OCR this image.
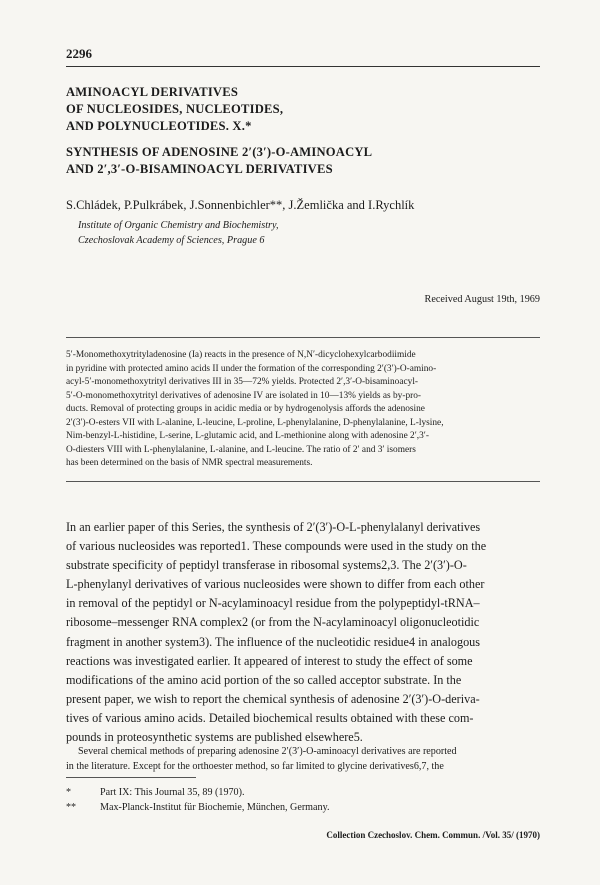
2296
AMINOACYL DERIVATIVES
OF NUCLEOSIDES, NUCLEOTIDES,
AND POLYNUCLEOTIDES. X.*
SYNTHESIS OF ADENOSINE 2′(3′)-O-AMINOACYL
AND 2′,3′-O-BISAMINOACYL DERIVATIVES
S.Chládek, P.Pulkrábek, J.Sonnenbichler**, J.Žemlička and I.Rychlík
Institute of Organic Chemistry and Biochemistry,
Czechoslovak Academy of Sciences, Prague 6
Received August 19th, 1969
5′-Monomethoxytrityladenosine (Ia) reacts in the presence of N,N′-dicyclohexylcarbodiimide
in pyridine with protected amino acids II under the formation of the corresponding 2′(3′)-O-amino-
acyl-5′-monomethoxytrityl derivatives III in 35—72% yields. Protected 2′,3′-O-bisaminoacyl-
5′-O-monomethoxytrityl derivatives of adenosine IV are isolated in 10—13% yields as by-pro-
ducts. Removal of protecting groups in acidic media or by hydrogenolysis affords the adenosine
2′(3′)-O-esters VII with L-alanine, L-leucine, L-proline, L-phenylalanine, D-phenylalanine, L-lysine,
Nim-benzyl-L-histidine, L-serine, L-glutamic acid, and L-methionine along with adenosine 2′,3′-
O-diesters VIII with L-phenylalanine, L-alanine, and L-leucine. The ratio of 2′ and 3′ isomers
has been determined on the basis of NMR spectral measurements.
In an earlier paper of this Series, the synthesis of 2′(3′)-O-L-phenylalanyl derivatives
of various nucleosides was reported1. These compounds were used in the study on the
substrate specificity of peptidyl transferase in ribosomal systems2,3. The 2′(3′)-O-
L-phenylanyl derivatives of various nucleosides were shown to differ from each other
in removal of the peptidyl or N-acylaminoacyl residue from the polypeptidyl-tRNA–
ribosome–messenger RNA complex2 (or from the N-acylaminoacyl oligonucleotidic
fragment in another system3). The influence of the nucleotidic residue4 in analogous
reactions was investigated earlier. It appeared of interest to study the effect of some
modifications of the amino acid portion of the so called acceptor substrate. In the
present paper, we wish to report the chemical synthesis of adenosine 2′(3′)-O-deriva-
tives of various amino acids. Detailed biochemical results obtained with these com-
pounds in proteosynthetic systems are published elsewhere5.
Several chemical methods of preparing adenosine 2′(3′)-O-aminoacyl derivatives are reported
in the literature. Except for the orthoester method, so far limited to glycine derivatives6,7, the
*	Part IX: This Journal 35, 89 (1970).
**	Max-Planck-Institut für Biochemie, München, Germany.
Collection Czechoslov. Chem. Commun. /Vol. 35/ (1970)
